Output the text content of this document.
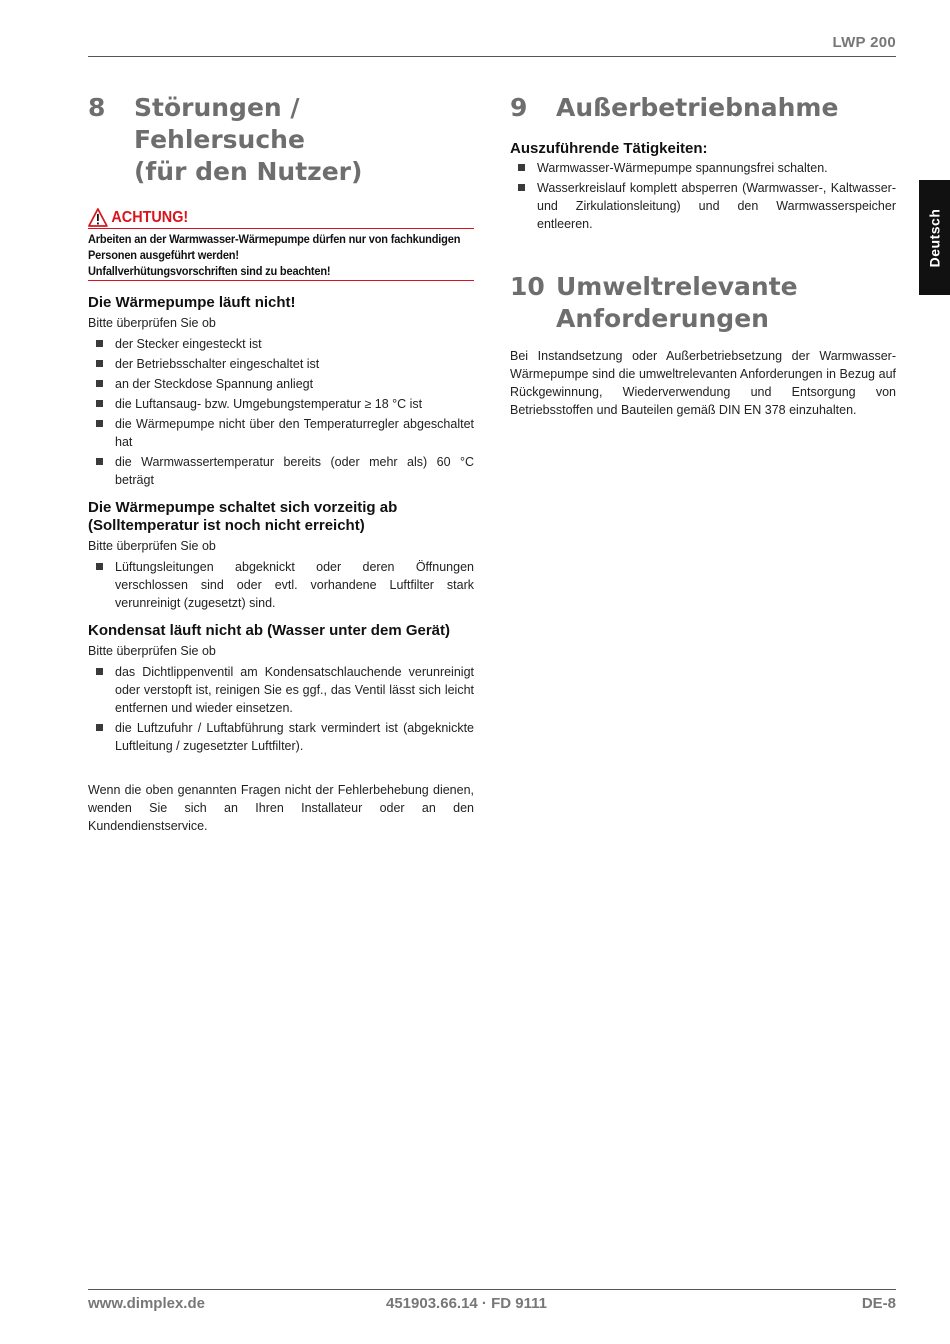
LWP 200
Deutsch
8	Störungen / Fehlersuche
(für den Nutzer)
ACHTUNG!
Arbeiten an der Warmwasser-Wärmepumpe dürfen nur von fachkundigen
Personen ausgeführt werden!
Unfallverhütungsvorschriften sind zu beachten!
Die Wärmepumpe läuft nicht!

Bitte überprüfen Sie ob

der Stecker eingesteckt ist
der Betriebsschalter eingeschaltet ist
an der Steckdose Spannung anliegt
die Luftansaug- bzw. Umgebungstemperatur ≥ 18 °C ist
die Wärmepumpe nicht über den Temperaturregler abgeschaltet hat
die Warmwassertemperatur bereits (oder mehr als) 60 °C beträgt
Die Wärmepumpe schaltet sich vorzeitig ab
(Solltemperatur ist noch nicht erreicht)

Bitte überprüfen Sie ob

Lüftungsleitungen abgeknickt oder deren Öffnungen verschlossen sind oder evtl. vorhandene Luftfilter stark verunreinigt (zugesetzt) sind.
Kondensat läuft nicht ab (Wasser unter dem Gerät)

Bitte überprüfen Sie ob

das Dichtlippenventil am Kondensatschlauchende verunreinigt oder verstopft ist, reinigen Sie es ggf., das Ventil lässt sich leicht entfernen und wieder einsetzen.
die Luftzufuhr / Luftabführung stark vermindert ist (abgeknickte Luftleitung / zugesetzter Luftfilter).

Wenn die oben genannten Fragen nicht der Fehlerbehebung dienen, wenden Sie sich an Ihren Installateur oder an den Kundendienstservice.

9	Außerbetriebnahme
Auszuführende Tätigkeiten:
Warmwasser-Wärmepumpe spannungsfrei schalten.
Wasserkreislauf komplett absperren (Warmwasser-, Kaltwasser- und Zirkulationsleitung) und den Warmwasserspeicher entleeren.
10 Umweltrelevante
Anforderungen

Bei Instandsetzung oder Außerbetriebsetzung der Warmwasser-Wärmepumpe sind die umweltrelevanten Anforderungen in Bezug auf Rückgewinnung, Wiederverwendung und Entsorgung von Betriebsstoffen und Bauteilen gemäß DIN EN 378 einzuhalten.

www.dimplex.de	451903.66.14 · FD 9111	DE-8
